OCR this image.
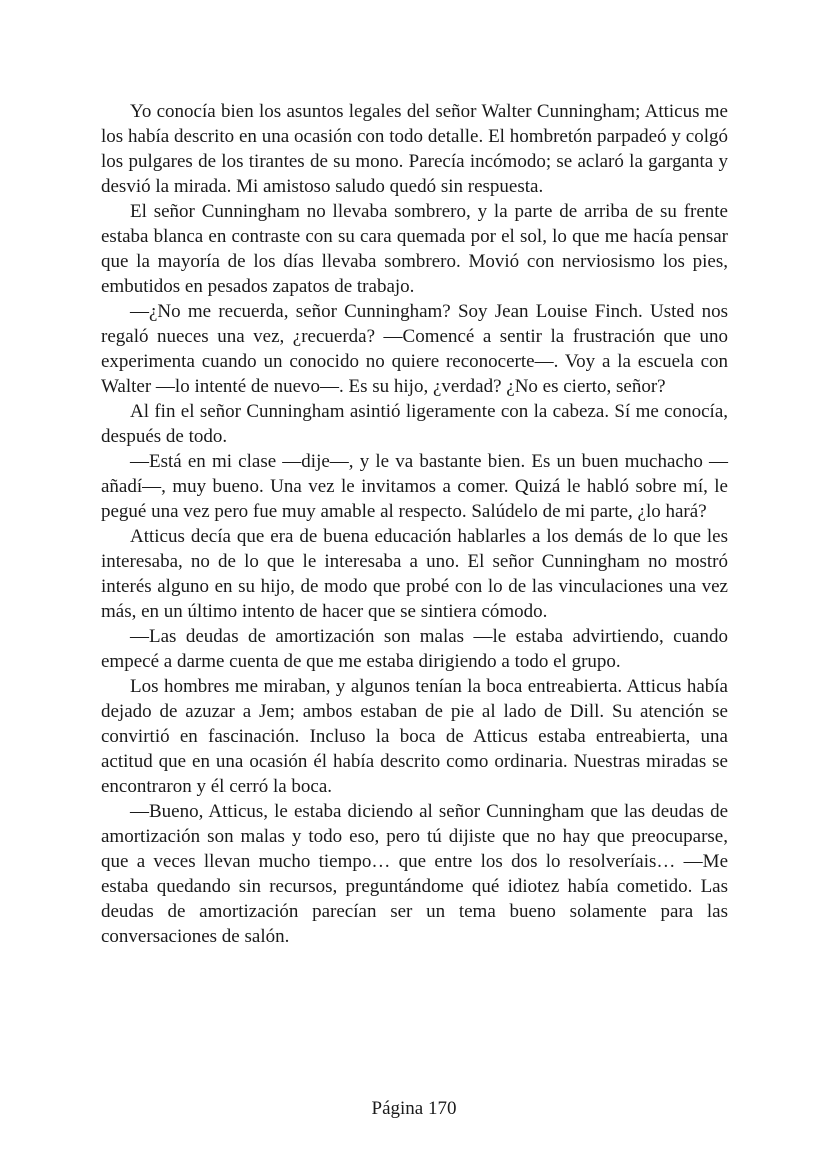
Yo conocía bien los asuntos legales del señor Walter Cunningham; Atticus me los había descrito en una ocasión con todo detalle. El hombretón parpadeó y colgó los pulgares de los tirantes de su mono. Parecía incómodo; se aclaró la garganta y desvió la mirada. Mi amistoso saludo quedó sin respuesta.

El señor Cunningham no llevaba sombrero, y la parte de arriba de su frente estaba blanca en contraste con su cara quemada por el sol, lo que me hacía pensar que la mayoría de los días llevaba sombrero. Movió con nerviosismo los pies, embutidos en pesados zapatos de trabajo.

—¿No me recuerda, señor Cunningham? Soy Jean Louise Finch. Usted nos regaló nueces una vez, ¿recuerda? —Comencé a sentir la frustración que uno experimenta cuando un conocido no quiere reconocerte—. Voy a la escuela con Walter —lo intenté de nuevo—. Es su hijo, ¿verdad? ¿No es cierto, señor?

Al fin el señor Cunningham asintió ligeramente con la cabeza. Sí me conocía, después de todo.

—Está en mi clase —dije—, y le va bastante bien. Es un buen muchacho —añadí—, muy bueno. Una vez le invitamos a comer. Quizá le habló sobre mí, le pegué una vez pero fue muy amable al respecto. Salúdelo de mi parte, ¿lo hará?

Atticus decía que era de buena educación hablarles a los demás de lo que les interesaba, no de lo que le interesaba a uno. El señor Cunningham no mostró interés alguno en su hijo, de modo que probé con lo de las vinculaciones una vez más, en un último intento de hacer que se sintiera cómodo.

—Las deudas de amortización son malas —le estaba advirtiendo, cuando empecé a darme cuenta de que me estaba dirigiendo a todo el grupo.

Los hombres me miraban, y algunos tenían la boca entreabierta. Atticus había dejado de azuzar a Jem; ambos estaban de pie al lado de Dill. Su atención se convirtió en fascinación. Incluso la boca de Atticus estaba entreabierta, una actitud que en una ocasión él había descrito como ordinaria. Nuestras miradas se encontraron y él cerró la boca.

—Bueno, Atticus, le estaba diciendo al señor Cunningham que las deudas de amortización son malas y todo eso, pero tú dijiste que no hay que preocuparse, que a veces llevan mucho tiempo… que entre los dos lo resolveríais… —Me estaba quedando sin recursos, preguntándome qué idiotez había cometido. Las deudas de amortización parecían ser un tema bueno solamente para las conversaciones de salón.

Página 170
